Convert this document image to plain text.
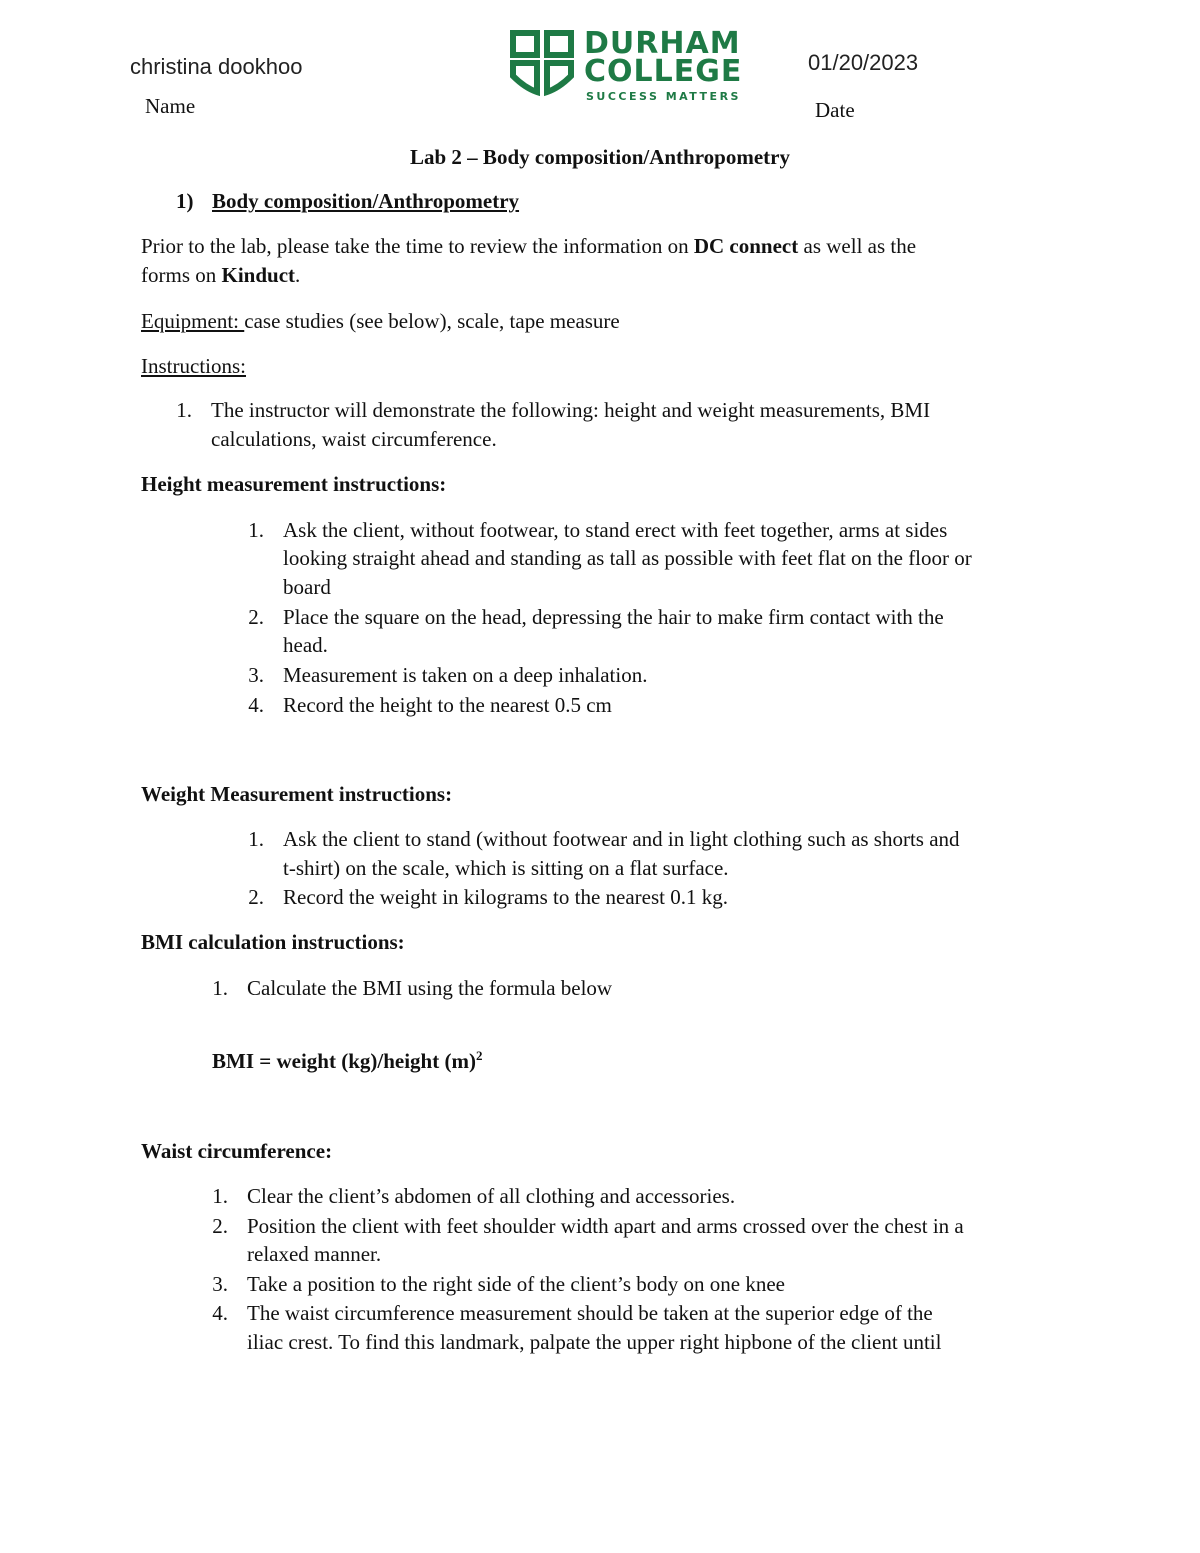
christina dookhoo
Name
01/20/2023
Date
DURHAM
COLLEGE
SUCCESS MATTERS
Lab 2 – Body composition/Anthropometry
1) Body composition/Anthropometry
Prior to the lab, please take the time to review the information on DC connect as well as the
forms on Kinduct.
Equipment: case studies (see below), scale, tape measure
Instructions:
1. The instructor will demonstrate the following: height and weight measurements, BMI
calculations, waist circumference.
Height measurement instructions:
1. Ask the client, without footwear, to stand erect with feet together, arms at sides
looking straight ahead and standing as tall as possible with feet flat on the floor or
board
2. Place the square on the head, depressing the hair to make firm contact with the
head.
3. Measurement is taken on a deep inhalation.
4. Record the height to the nearest 0.5 cm
Weight Measurement instructions:
1. Ask the client to stand (without footwear and in light clothing such as shorts and
t-shirt) on the scale, which is sitting on a flat surface.
2. Record the weight in kilograms to the nearest 0.1 kg.
BMI calculation instructions:
1. Calculate the BMI using the formula below
BMI = weight (kg)/height $(m)^2$
Waist circumference:
1. Clear the client’s abdomen of all clothing and accessories.
2. Position the client with feet shoulder width apart and arms crossed over the chest in a
relaxed manner.
3. Take a position to the right side of the client’s body on one knee
4. The waist circumference measurement should be taken at the superior edge of the
iliac crest. To find this landmark, palpate the upper right hipbone of the client until
